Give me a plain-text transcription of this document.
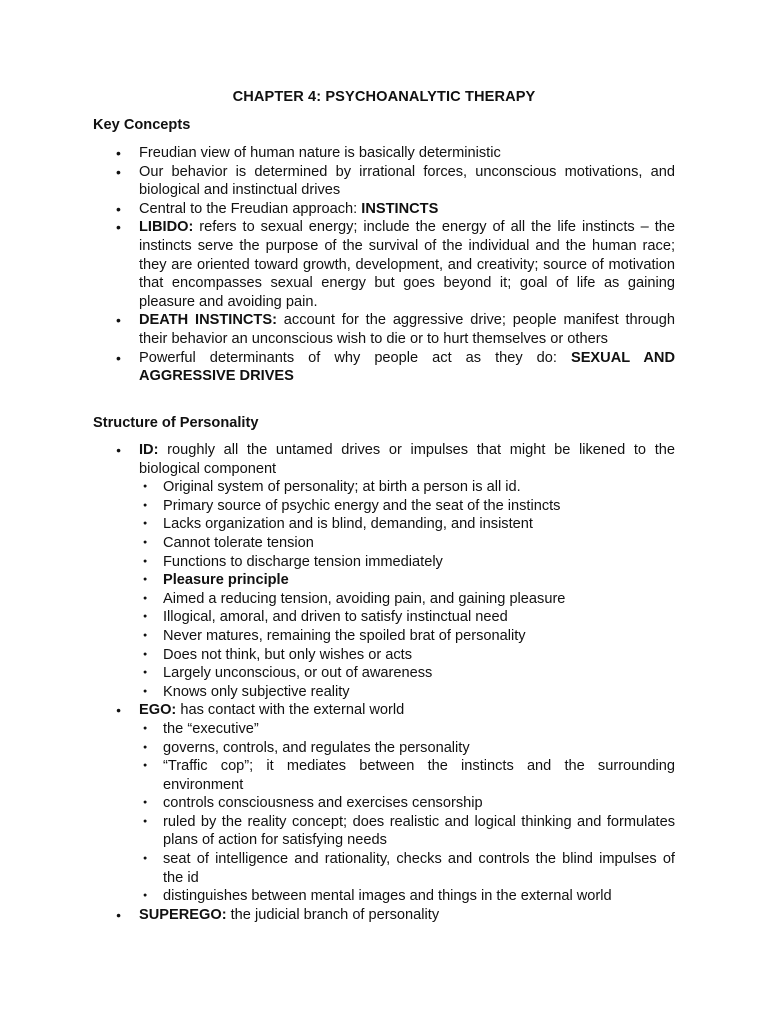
CHAPTER 4: PSYCHOANALYTIC THERAPY
Key Concepts
• Freudian view of human nature is basically deterministic
• Our behavior is determined by irrational forces, unconscious motivations, and biological and instinctual drives
• Central to the Freudian approach: INSTINCTS
• LIBIDO: refers to sexual energy; include the energy of all the life instincts – the instincts serve the purpose of the survival of the individual and the human race; they are oriented toward growth, development, and creativity; source of motivation that encompasses sexual energy but goes beyond it; goal of life as gaining pleasure and avoiding pain.
• DEATH INSTINCTS: account for the aggressive drive; people manifest through their behavior an unconscious wish to die or to hurt themselves or others
• Powerful determinants of why people act as they do: SEXUAL AND AGGRESSIVE DRIVES
Structure of Personality
● ID: roughly all the untamed drives or impulses that might be likened to the biological component
● Original system of personality; at birth a person is all id.
● Primary source of psychic energy and the seat of the instincts
● Lacks organization and is blind, demanding, and insistent
● Cannot tolerate tension
● Functions to discharge tension immediately
● Pleasure principle
● Aimed a reducing tension, avoiding pain, and gaining pleasure
● Illogical, amoral, and driven to satisfy instinctual need
● Never matures, remaining the spoiled brat of personality
● Does not think, but only wishes or acts
● Largely unconscious, or out of awareness
● Knows only subjective reality
● EGO: has contact with the external world
● the “executive”
● governs, controls, and regulates the personality
● “Traffic cop”; it mediates between the instincts and the surrounding environment
● controls consciousness and exercises censorship
● ruled by the reality concept; does realistic and logical thinking and formulates plans of action for satisfying needs
● seat of intelligence and rationality, checks and controls the blind impulses of the id
● distinguishes between mental images and things in the external world
● SUPEREGO: the judicial branch of personality
